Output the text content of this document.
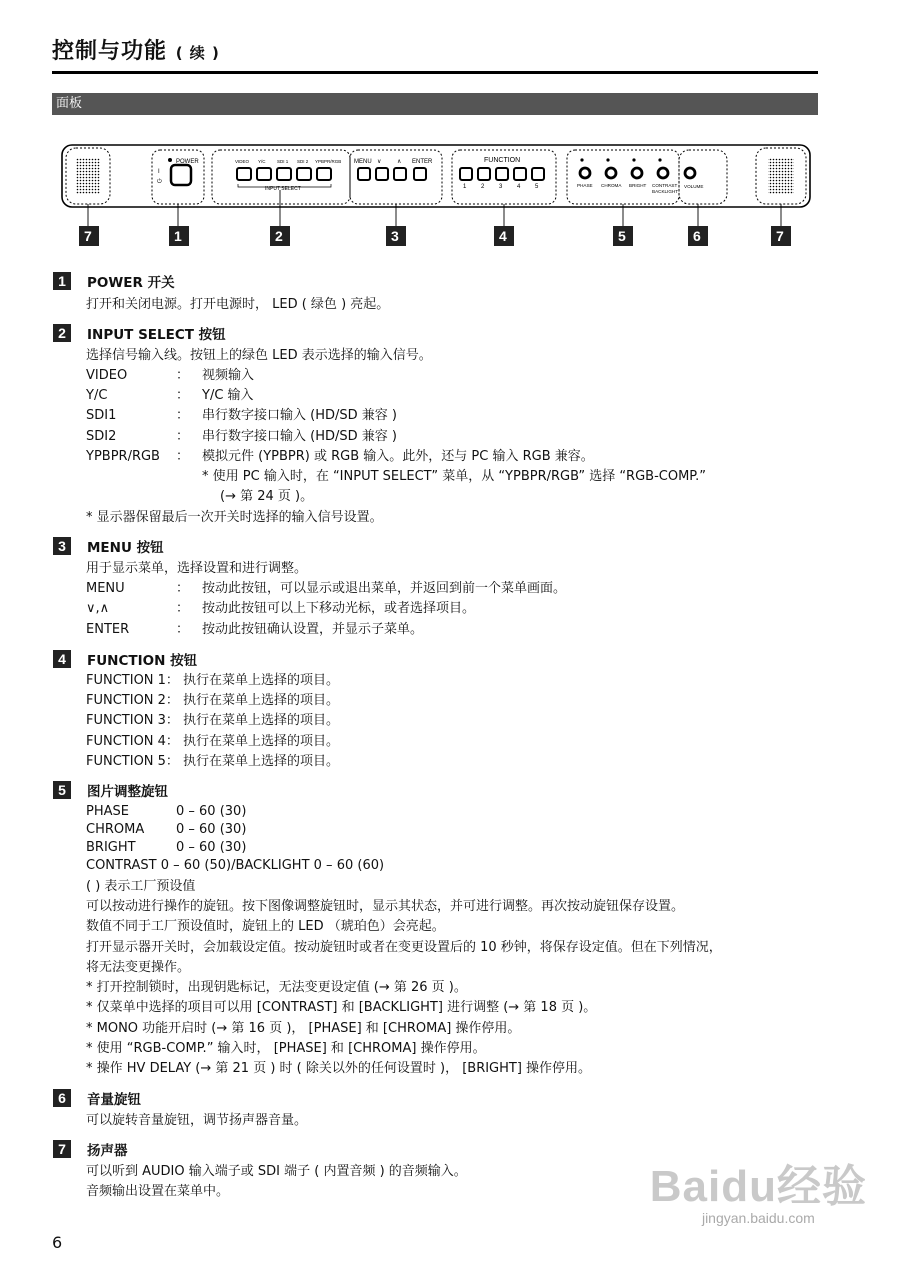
控制与功能 ( 续 )
面板
POWER
I
⏻
VIDEO Y/C	SDI 1 SDI 2 YPBPR/RGB
INPUT SELECT
MENU ∨	∧ ENTER	FUNCTION
1 2 3 4 5	PHASE CHROMA BRIGHT CONTRAST
BACKLIGHT
VOLUME
7	1	2	3	4	5	6	7
1	POWER 开关
打开和关闭电源。打开电源时， LED ( 绿色 ) 亮起。
2	INPUT SELECT 按钮
选择信号输入线。按钮上的绿色 LED 表示选择的输入信号。
VIDEO	： 视频输入
Y/C	： Y/C 输入
SDI1	： 串行数字接口输入 (HD/SD 兼容 )
SDI2	： 串行数字接口输入 (HD/SD 兼容 )
YPBPR/RGB ： 模拟元件 (YPBPR) 或 RGB 输入。此外，还与 PC 输入 RGB 兼容。
* 使用 PC 输入时，在 “INPUT SELECT” 菜单，从 “YPBPR/RGB” 选择 “RGB-COMP.”
(→ 第 24 页 )。
* 显示器保留最后一次开关时选择的输入信号设置。
3	MENU 按钮
用于显示菜单，选择设置和进行调整。
MENU	： 按动此按钮，可以显示或退出菜单，并返回到前一个菜单画面。
∨,∧	： 按动此按钮可以上下移动光标，或者选择项目。
ENTER	： 按动此按钮确认设置，并显示子菜单。
4	FUNCTION 按钮
FUNCTION 1： 执行在菜单上选择的项目。
FUNCTION 2： 执行在菜单上选择的项目。
FUNCTION 3： 执行在菜单上选择的项目。
FUNCTION 4： 执行在菜单上选择的项目。
FUNCTION 5： 执行在菜单上选择的项目。
5	图片调整旋钮
PHASE	0 – 60 (30)
CHROMA 0 – 60 (30)
BRIGHT	0 – 60 (30)
CONTRAST 0 – 60 (50)/BACKLIGHT 0 – 60 (60)
( ) 表示工厂预设值
可以按动进行操作的旋钮。按下图像调整旋钮时，显示其状态，并可进行调整。再次按动旋钮保存设置。
数值不同于工厂预设值时，旋钮上的 LED （琥珀色）会亮起。
打开显示器开关时，会加载设定值。按动旋钮时或者在变更设置后的 10 秒钟，将保存设定值。但在下列情况，
将无法变更操作。
* 打开控制锁时，出现钥匙标记，无法变更设定值 (→ 第 26 页 )。
* 仅菜单中选择的项目可以用 [CONTRAST] 和 [BACKLIGHT] 进行调整 (→ 第 18 页 )。
* MONO 功能开启时 (→ 第 16 页 )， [PHASE] 和 [CHROMA] 操作停用。
* 使用 “RGB-COMP.” 输入时， [PHASE] 和 [CHROMA] 操作停用。
* 操作 HV DELAY (→ 第 21 页 ) 时 ( 除关以外的任何设置时 )， [BRIGHT] 操作停用。
6	音量旋钮
可以旋转音量旋钮，调节扬声器音量。
7	扬声器
可以听到 AUDIO 输入端子或 SDI 端子 ( 内置音频 ) 的音频输入。
音频输出设置在菜单中。
6
Baidu经验
jingyan.baidu.com
